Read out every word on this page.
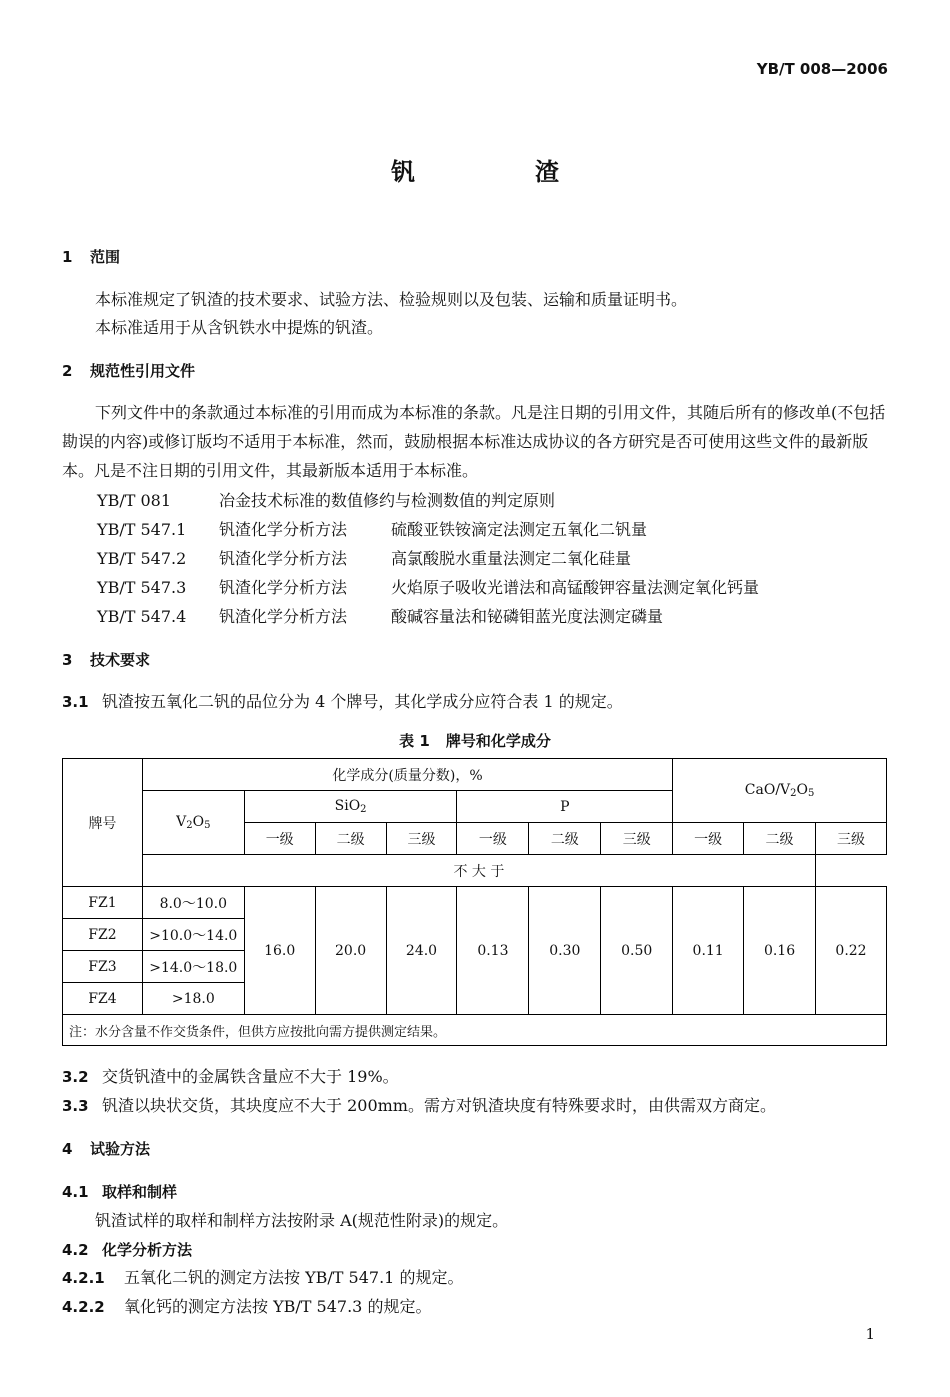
YB/T 008—2006
钒　渣
1 范围
本标准规定了钒渣的技术要求、试验方法、检验规则以及包装、运输和质量证明书。
本标准适用于从含钒铁水中提炼的钒渣。
2 规范性引用文件
下列文件中的条款通过本标准的引用而成为本标准的条款。凡是注日期的引用文件，其随后所有的修改单(不包括勘误的内容)或修订版均不适用于本标准，然而，鼓励根据本标准达成协议的各方研究是否可使用这些文件的最新版本。凡是不注日期的引用文件，其最新版本适用于本标准。
YB/T 081	冶金技术标准的数值修约与检测数值的判定原则
YB/T 547.1 钒渣化学分析方法	硫酸亚铁铵滴定法测定五氧化二钒量
YB/T 547.2 钒渣化学分析方法	高氯酸脱水重量法测定二氧化硅量
YB/T 547.3 钒渣化学分析方法	火焰原子吸收光谱法和高锰酸钾容量法测定氧化钙量
YB/T 547.4 钒渣化学分析方法	酸碱容量法和铋磷钼蓝光度法测定磷量
3 技术要求
3.1 钒渣按五氧化二钒的品位分为 4 个牌号，其化学成分应符合表 1 的规定。
表 1 牌号和化学成分
牌号	化学成分(质量分数)，%							CaO/V2O5		
	V2O5	SiO2			P					
		一级	二级	三级	一级	二级	三级	一级	二级	三级
	不 大 于									
FZ1	8.0～10.0	16.0	20.0	24.0	0.13	0.30	0.50	0.11	0.16	0.22
FZ2	>10.0～14.0									
FZ3	>14.0～18.0									
FZ4	>18.0									
注：水分含量不作交货条件，但供方应按批向需方提供测定结果。										
3.2 交货钒渣中的金属铁含量应不大于 19%。
3.3 钒渣以块状交货，其块度应不大于 200mm。需方对钒渣块度有特殊要求时，由供需双方商定。
4 试验方法
4.1 取样和制样
钒渣试样的取样和制样方法按附录 A(规范性附录)的规定。
4.2 化学分析方法
4.2.1 五氧化二钒的测定方法按 YB/T 547.1 的规定。
4.2.2 氧化钙的测定方法按 YB/T 547.3 的规定。
1
